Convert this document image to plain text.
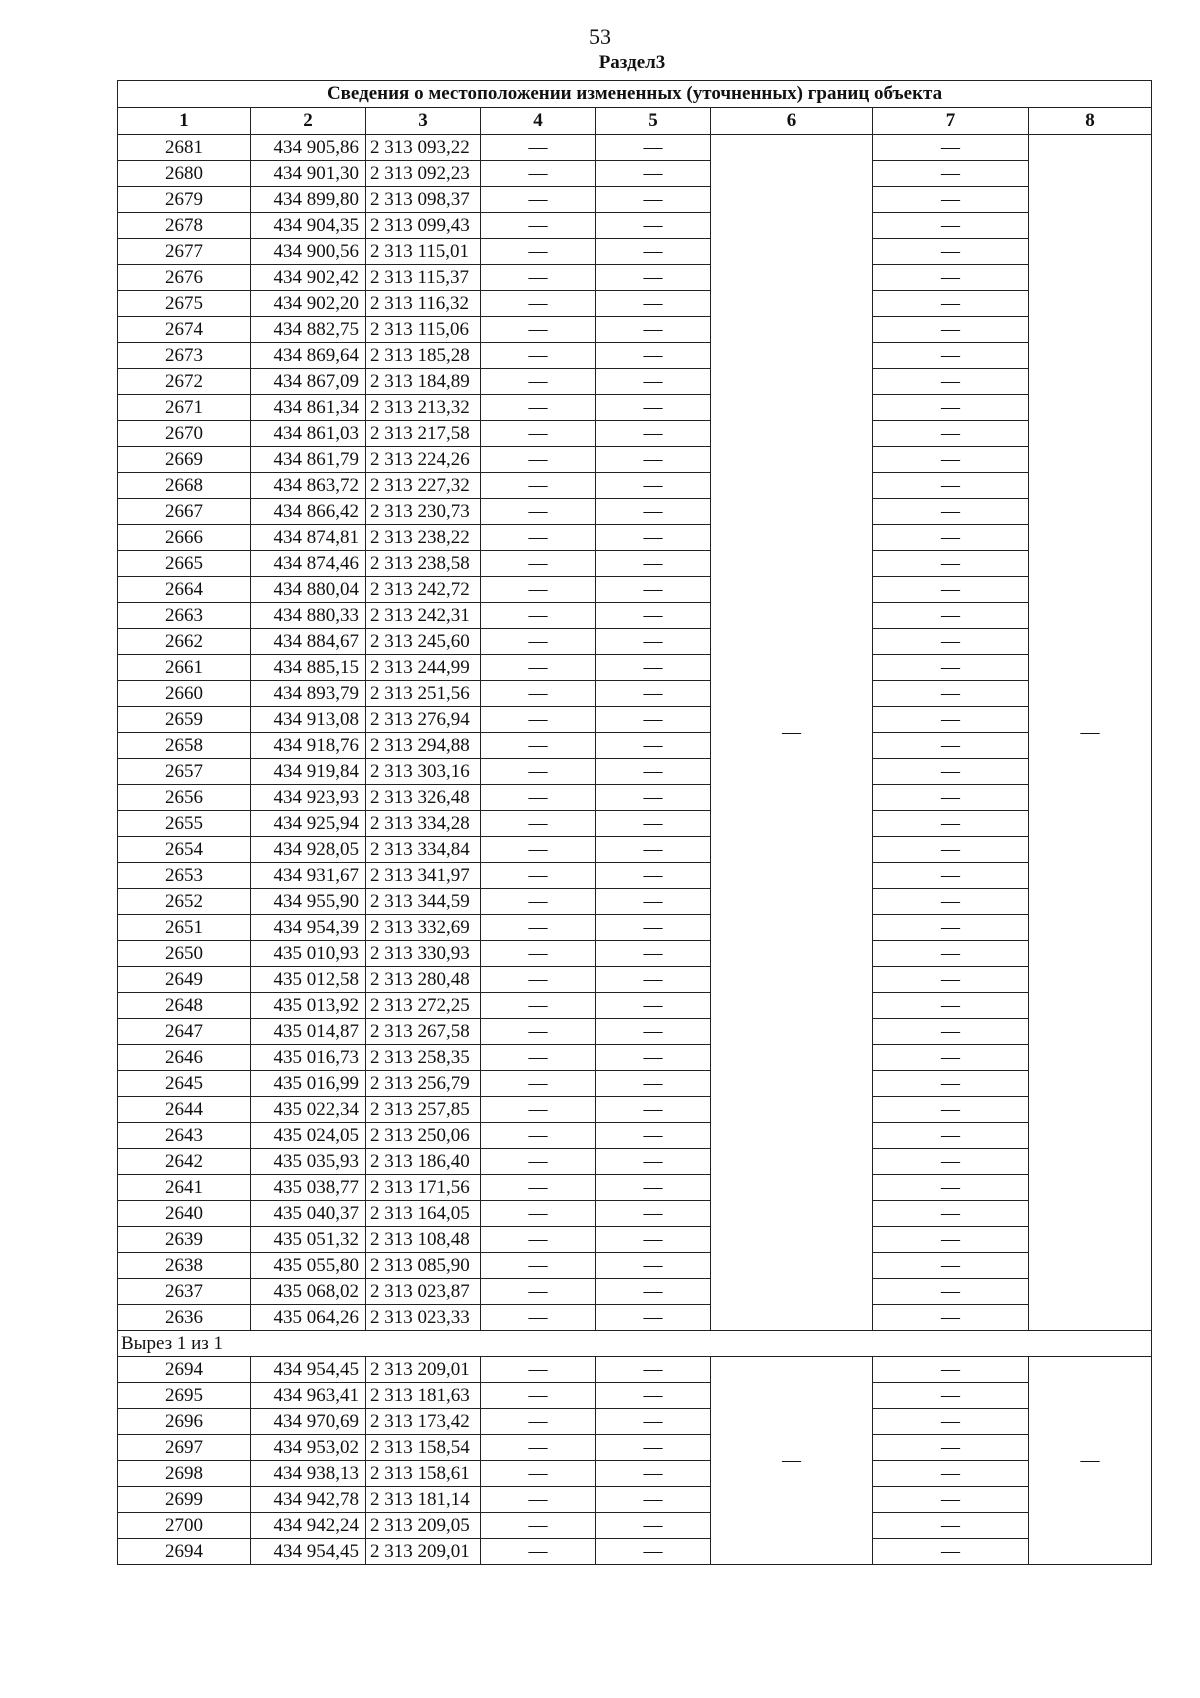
53
Раздел3
Сведения о местоположении измененных (уточненных) границ объекта							
1	2	3	4	5	6	7	8
2681	434 905,86	2 313 093,22	—	—	—	—	—
2680	434 901,30	2 313 092,23	—	—		—	
2679	434 899,80	2 313 098,37	—	—		—	
2678	434 904,35	2 313 099,43	—	—		—	
2677	434 900,56	2 313 115,01	—	—		—	
2676	434 902,42	2 313 115,37	—	—		—	
2675	434 902,20	2 313 116,32	—	—		—	
2674	434 882,75	2 313 115,06	—	—		—	
2673	434 869,64	2 313 185,28	—	—		—	
2672	434 867,09	2 313 184,89	—	—		—	
2671	434 861,34	2 313 213,32	—	—		—	
2670	434 861,03	2 313 217,58	—	—		—	
2669	434 861,79	2 313 224,26	—	—		—	
2668	434 863,72	2 313 227,32	—	—		—	
2667	434 866,42	2 313 230,73	—	—		—	
2666	434 874,81	2 313 238,22	—	—		—	
2665	434 874,46	2 313 238,58	—	—		—	
2664	434 880,04	2 313 242,72	—	—		—	
2663	434 880,33	2 313 242,31	—	—		—	
2662	434 884,67	2 313 245,60	—	—		—	
2661	434 885,15	2 313 244,99	—	—		—	
2660	434 893,79	2 313 251,56	—	—		—	
2659	434 913,08	2 313 276,94	—	—		—	
2658	434 918,76	2 313 294,88	—	—		—	
2657	434 919,84	2 313 303,16	—	—		—	
2656	434 923,93	2 313 326,48	—	—		—	
2655	434 925,94	2 313 334,28	—	—		—	
2654	434 928,05	2 313 334,84	—	—		—	
2653	434 931,67	2 313 341,97	—	—		—	
2652	434 955,90	2 313 344,59	—	—		—	
2651	434 954,39	2 313 332,69	—	—		—	
2650	435 010,93	2 313 330,93	—	—		—	
2649	435 012,58	2 313 280,48	—	—		—	
2648	435 013,92	2 313 272,25	—	—		—	
2647	435 014,87	2 313 267,58	—	—		—	
2646	435 016,73	2 313 258,35	—	—		—	
2645	435 016,99	2 313 256,79	—	—		—	
2644	435 022,34	2 313 257,85	—	—		—	
2643	435 024,05	2 313 250,06	—	—		—	
2642	435 035,93	2 313 186,40	—	—		—	
2641	435 038,77	2 313 171,56	—	—		—	
2640	435 040,37	2 313 164,05	—	—		—	
2639	435 051,32	2 313 108,48	—	—		—	
2638	435 055,80	2 313 085,90	—	—		—	
2637	435 068,02	2 313 023,87	—	—		—	
2636	435 064,26	2 313 023,33	—	—		—	
Вырез 1 из 1							
2694	434 954,45	2 313 209,01	—	—	—	—	—
2695	434 963,41	2 313 181,63	—	—		—	
2696	434 970,69	2 313 173,42	—	—		—	
2697	434 953,02	2 313 158,54	—	—		—	
2698	434 938,13	2 313 158,61	—	—		—	
2699	434 942,78	2 313 181,14	—	—		—	
2700	434 942,24	2 313 209,05	—	—		—	
2694	434 954,45	2 313 209,01	—	—		—	
